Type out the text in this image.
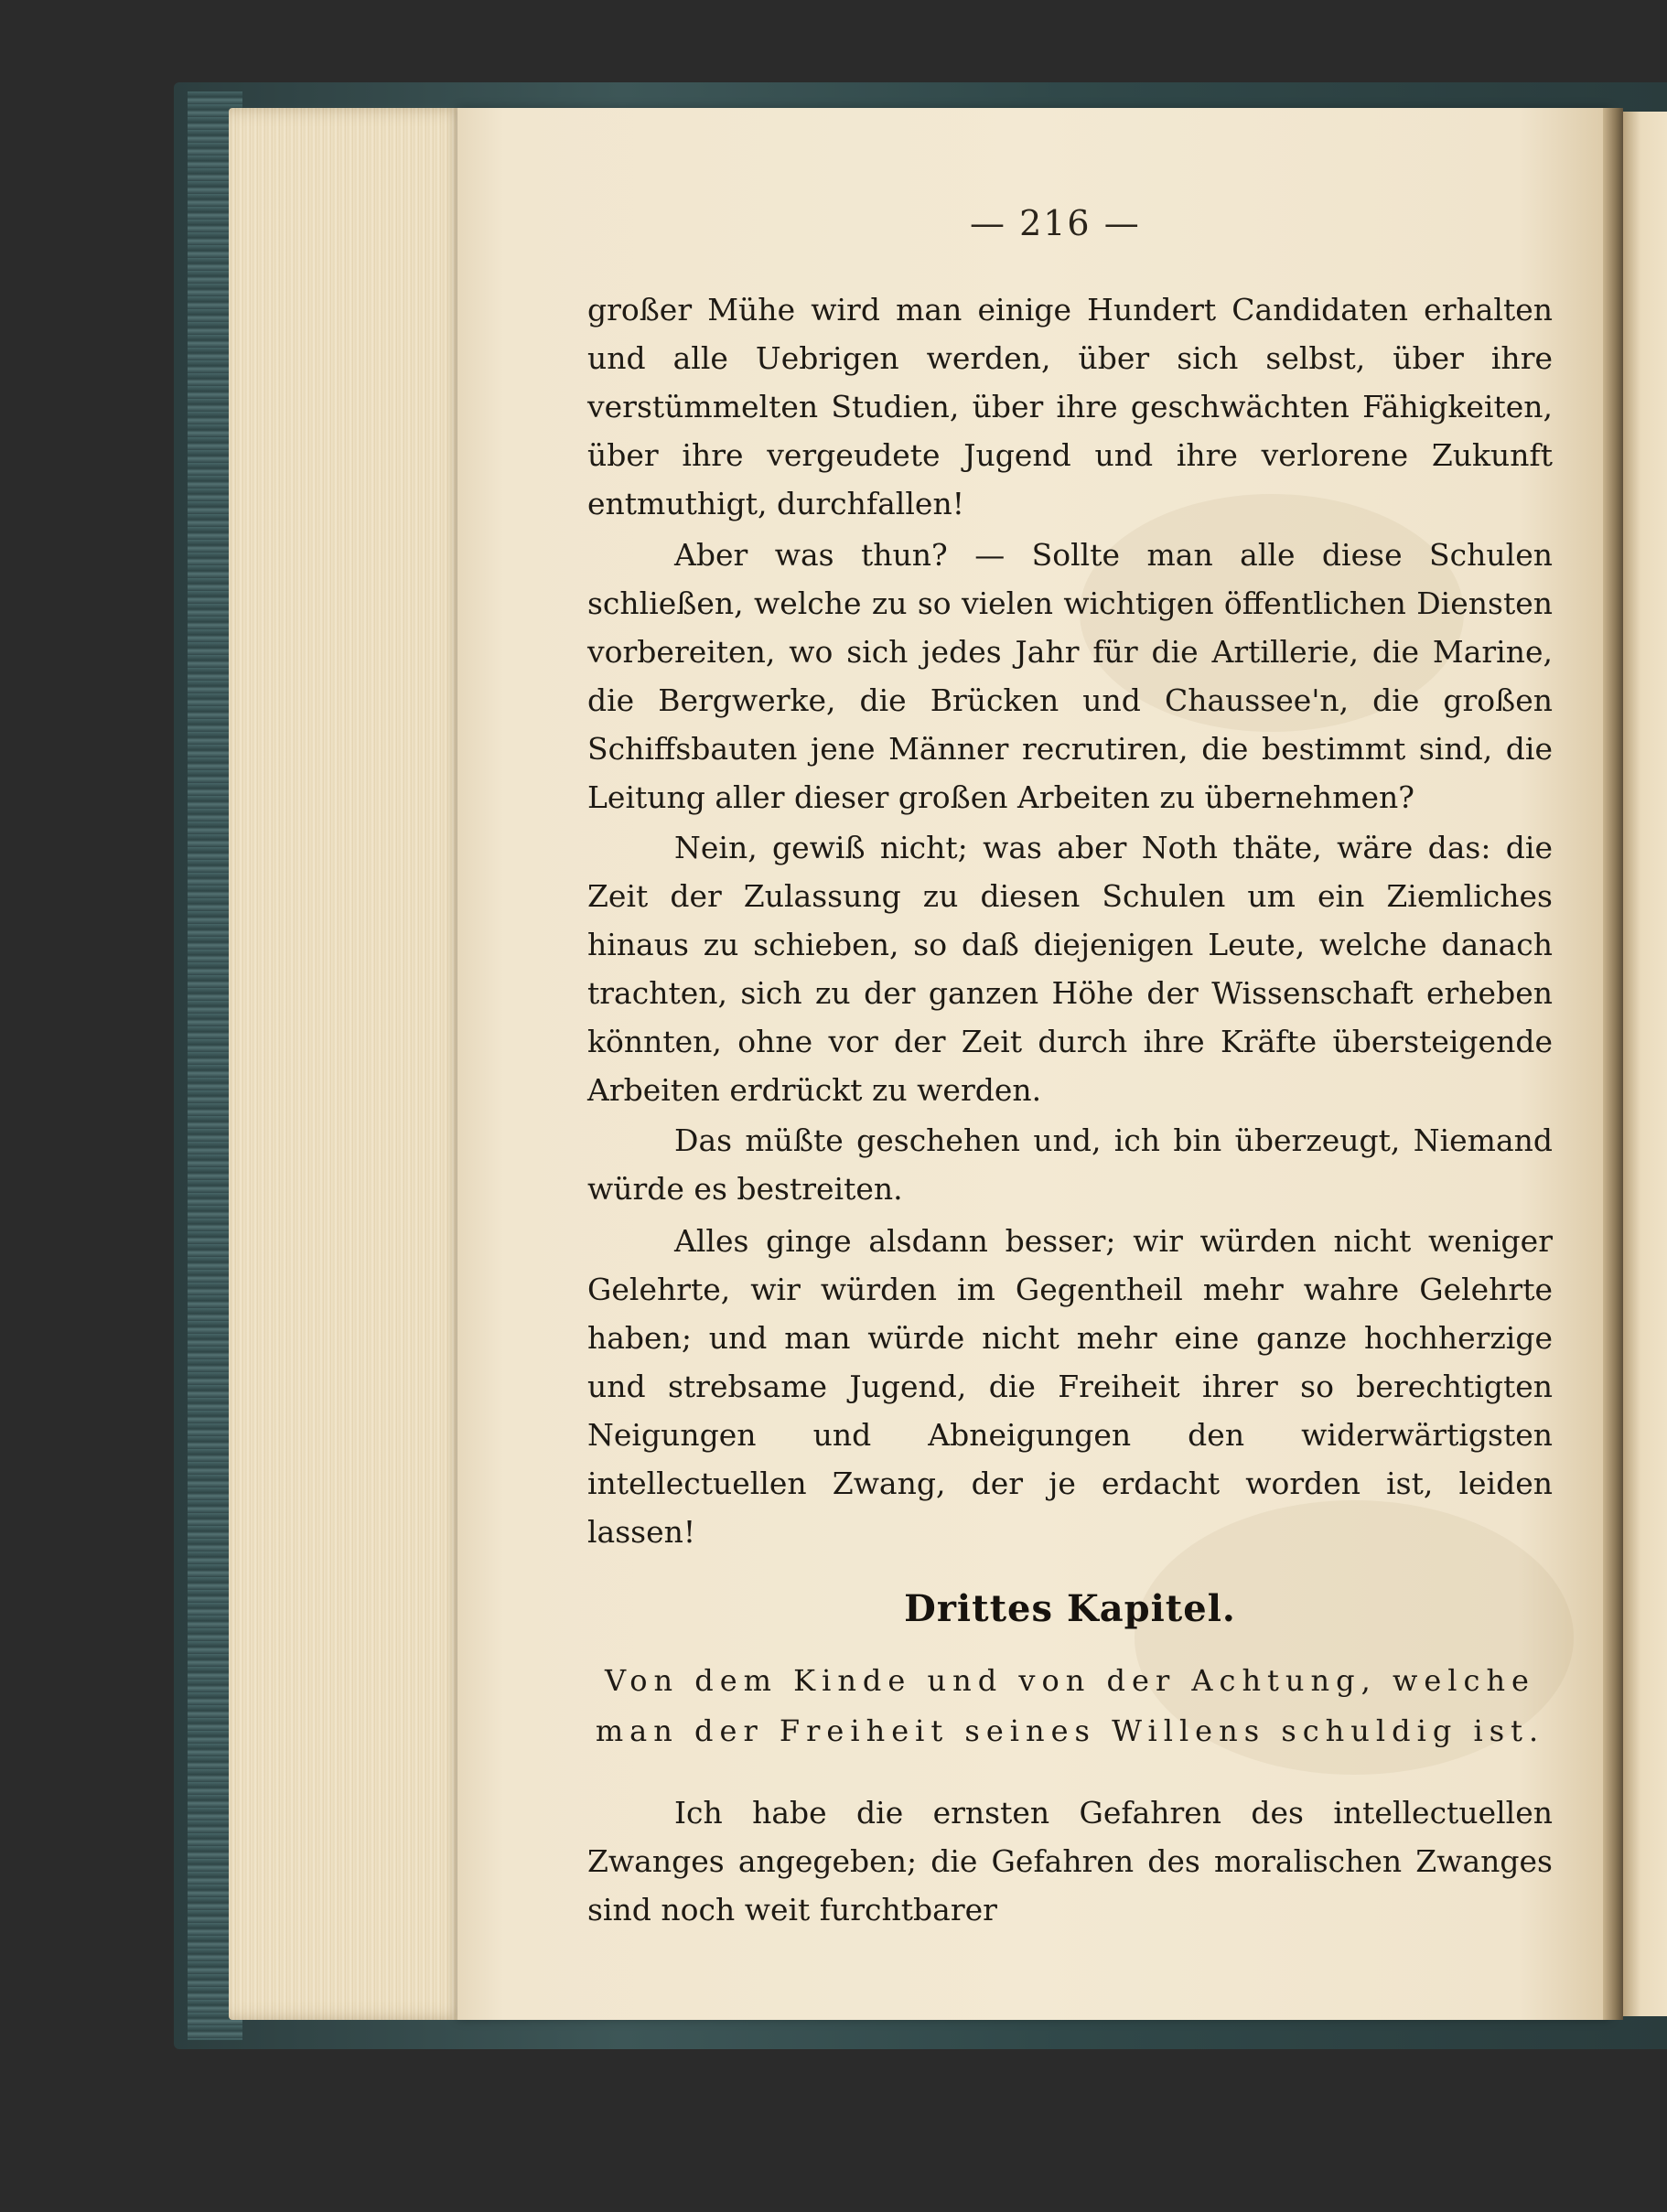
— 216 —

großer Mühe wird man einige Hundert Candidaten erhalten und alle Uebrigen werden, über sich selbst, über ihre verstümmelten Studien, über ihre geschwächten Fähigkeiten, über ihre vergeudete Jugend und ihre verlorene Zukunft entmuthigt, durchfallen!

Aber was thun? — Sollte man alle diese Schulen schließen, welche zu so vielen wichtigen öffentlichen Diensten vorbereiten, wo sich jedes Jahr für die Artillerie, die Marine, die Bergwerke, die Brücken und Chaussee'n, die großen Schiffsbauten jene Männer recrutiren, die bestimmt sind, die Leitung aller dieser großen Arbeiten zu übernehmen?

Nein, gewiß nicht; was aber Noth thäte, wäre das: die Zeit der Zulassung zu diesen Schulen um ein Ziemliches hinaus zu schieben, so daß diejenigen Leute, welche danach trachten, sich zu der ganzen Höhe der Wissenschaft erheben könnten, ohne vor der Zeit durch ihre Kräfte übersteigende Arbeiten erdrückt zu werden.

Das müßte geschehen und, ich bin überzeugt, Niemand würde es bestreiten.

Alles ginge alsdann besser; wir würden nicht weniger Gelehrte, wir würden im Gegentheil mehr wahre Gelehrte haben; und man würde nicht mehr eine ganze hochherzige und strebsame Jugend, die Freiheit ihrer so berechtigten Neigungen und Abneigungen den widerwärtigsten intellectuellen Zwang, der je erdacht worden ist, leiden lassen!

Drittes Kapitel.
Von dem Kinde und von der Achtung, welche man der Freiheit seines Willens schuldig ist.

Ich habe die ernsten Gefahren des intellectuellen Zwanges angegeben; die Gefahren des moralischen Zwanges sind noch weit furchtbarer
